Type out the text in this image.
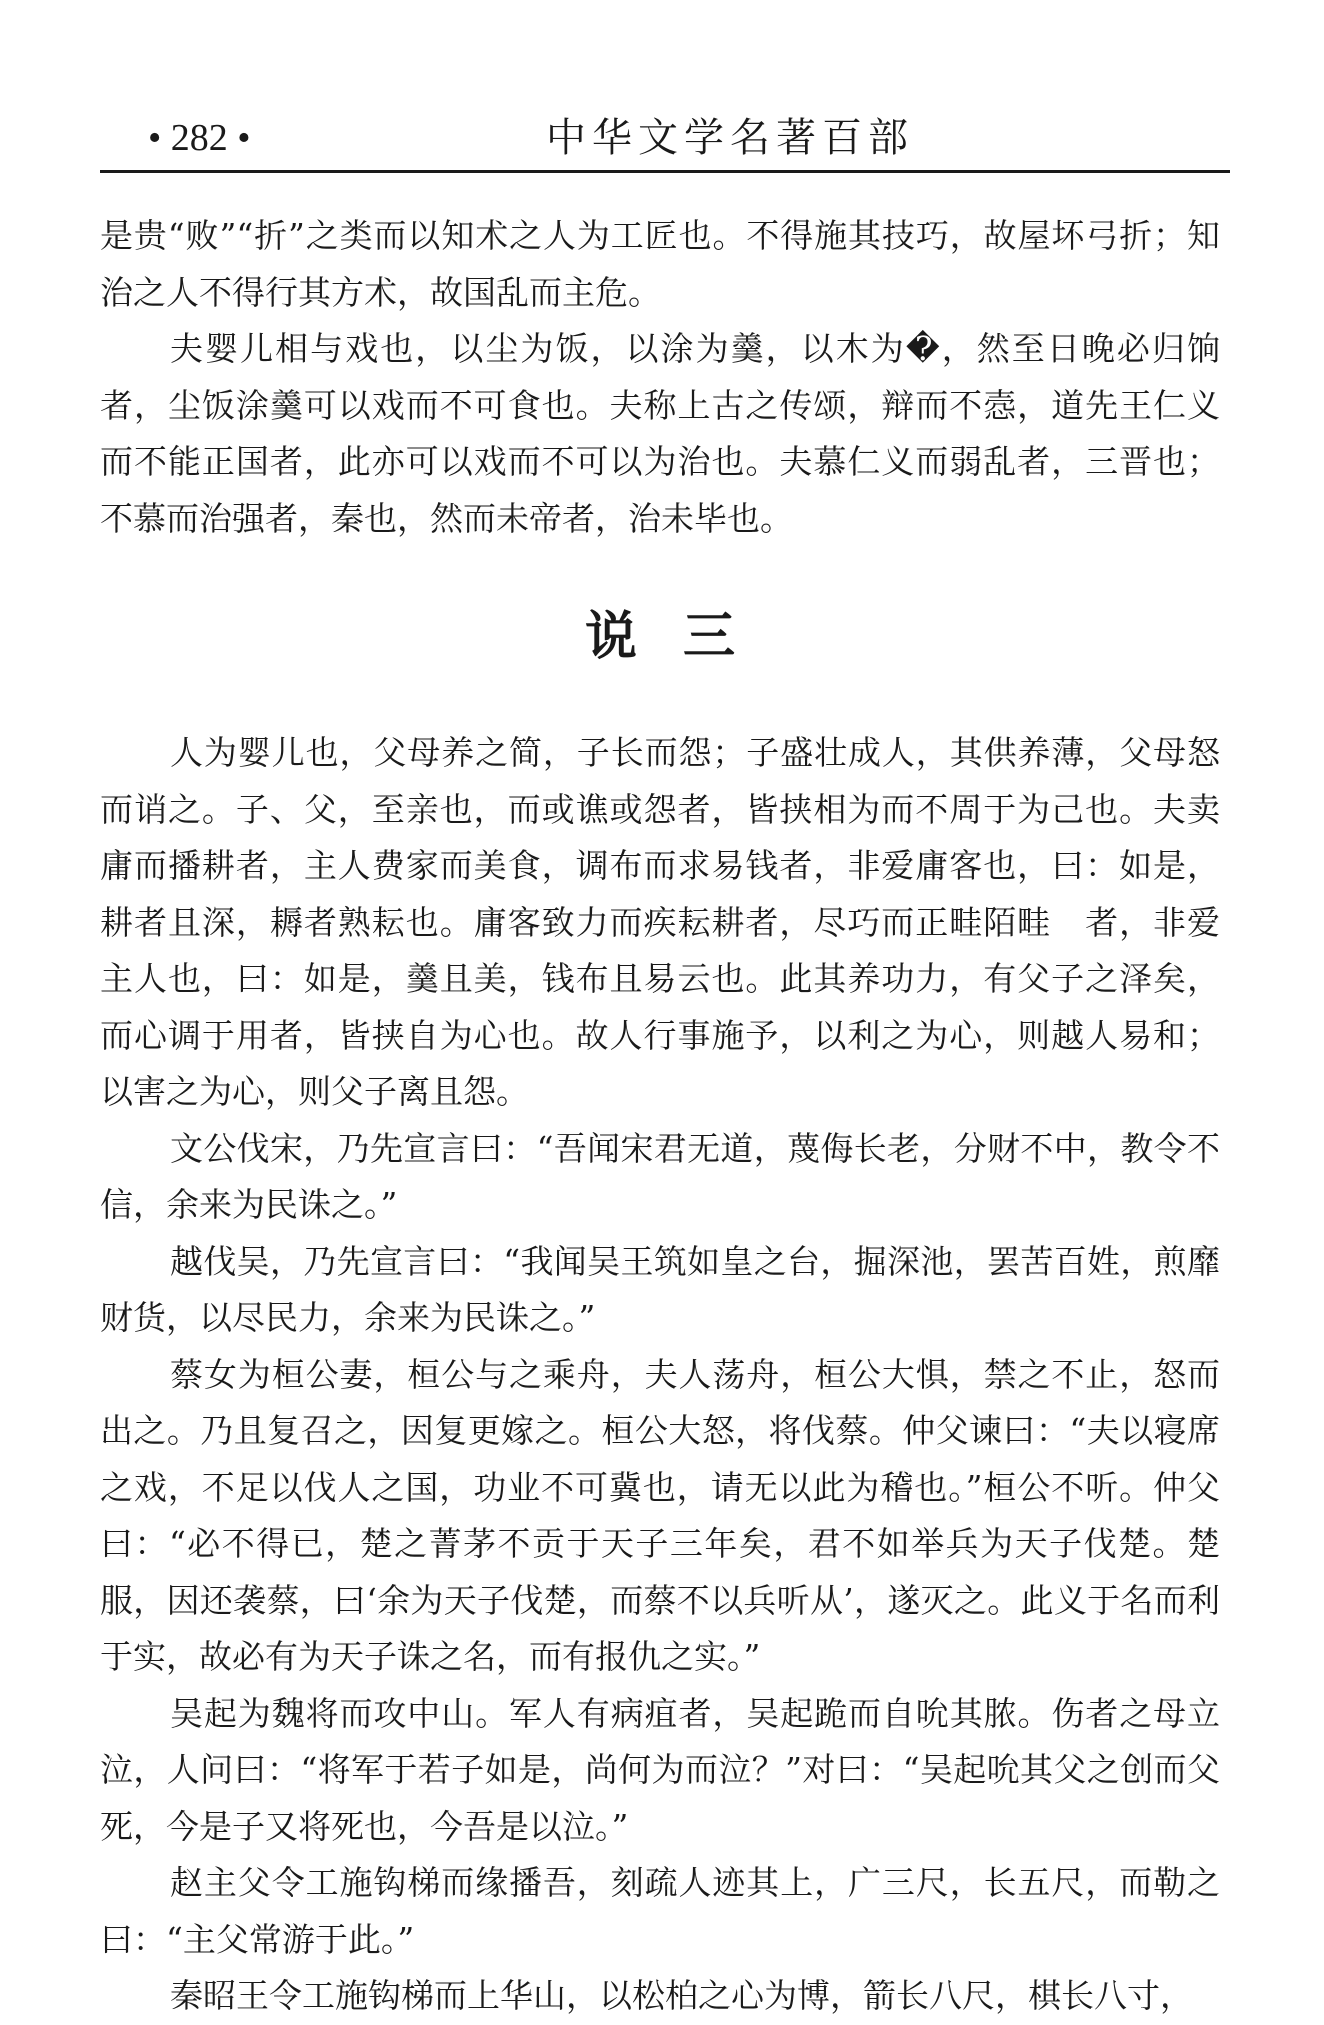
• 282 •	中华文学名著百部

是贵“败”“折”之类而以知术之人为工匠也。不得施其技巧，故屋坏弓折；知治之人不得行其方术，故国乱而主危。

夫婴儿相与戏也，以尘为饭，以涂为羹，以木为�，然至日晚必归饷者，尘饭涂羹可以戏而不可食也。夫称上古之传颂，辩而不悫，道先王仁义而不能正国者，此亦可以戏而不可以为治也。夫慕仁义而弱乱者，三晋也；不慕而治强者，秦也，然而未帝者，治未毕也。

说三

人为婴儿也，父母养之简，子长而怨；子盛壮成人，其供养薄，父母怒而诮之。子、父，至亲也，而或谯或怨者，皆挟相为而不周于为己也。夫卖庸而播耕者，主人费家而美食，调布而求易钱者，非爱庸客也，曰：如是，耕者且深，耨者熟耘也。庸客致力而疾耘耕者，尽巧而正畦陌畦　者，非爱主人也，曰：如是，羹且美，钱布且易云也。此其养功力，有父子之泽矣，而心调于用者，皆挟自为心也。故人行事施予，以利之为心，则越人易和；以害之为心，则父子离且怨。

文公伐宋，乃先宣言曰：“吾闻宋君无道，蔑侮长老，分财不中，教令不信，余来为民诛之。”

越伐吴，乃先宣言曰：“我闻吴王筑如皇之台，掘深池，罢苦百姓，煎靡财货，以尽民力，余来为民诛之。”

蔡女为桓公妻，桓公与之乘舟，夫人荡舟，桓公大惧，禁之不止，怒而出之。乃且复召之，因复更嫁之。桓公大怒，将伐蔡。仲父谏曰：“夫以寝席之戏，不足以伐人之国，功业不可冀也，请无以此为稽也。”桓公不听。仲父曰：“必不得已，楚之菁茅不贡于天子三年矣，君不如举兵为天子伐楚。楚服，因还袭蔡，曰‘余为天子伐楚，而蔡不以兵听从’，遂灭之。此义于名而利于实，故必有为天子诛之名，而有报仇之实。”

吴起为魏将而攻中山。军人有病疽者，吴起跪而自吮其脓。伤者之母立泣，人问曰：“将军于若子如是，尚何为而泣？”对曰：“吴起吮其父之创而父死，今是子又将死也，今吾是以泣。”

赵主父令工施钩梯而缘播吾，刻疏人迹其上，广三尺，长五尺，而勒之曰：“主父常游于此。”

秦昭王令工施钩梯而上华山，以松柏之心为博，箭长八尺，棋长八寸，
